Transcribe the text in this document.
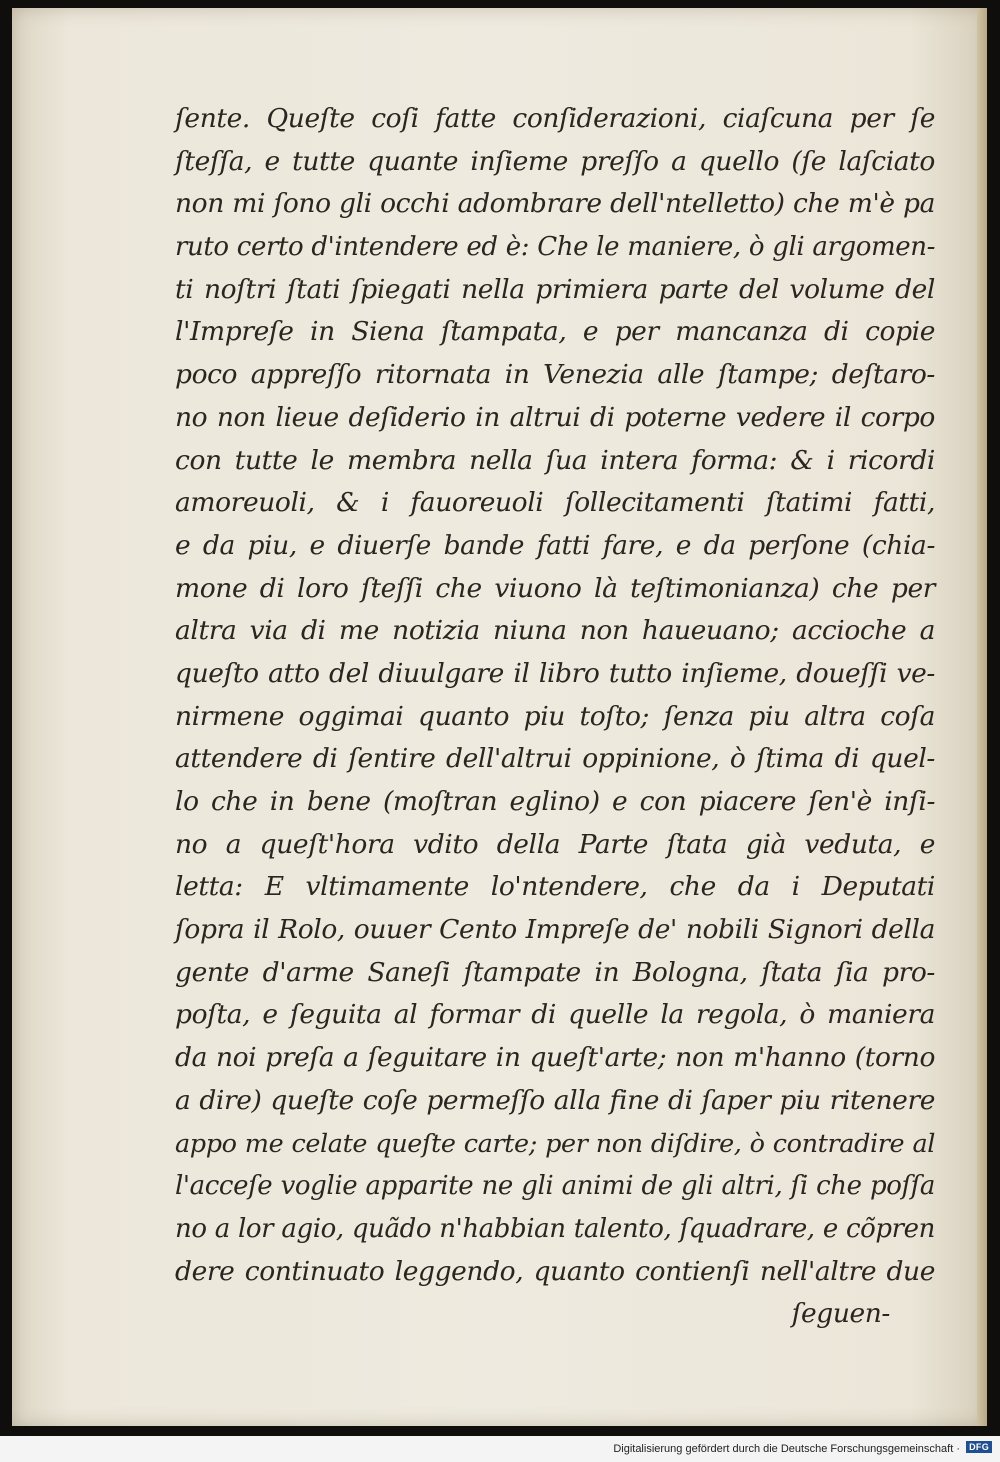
ſente. Queſte coſi fatte conſiderazioni, ciaſcuna per ſe
ſteſſa, e tutte quante inſieme preſſo a quello (ſe laſciato
non mi ſono gli occhi adombrare dell'ntelletto) che m'è pa
ruto certo d'intendere ed è: Che le maniere, ò gli argomen-
ti noſtri ſtati ſpiegati nella primiera parte del volume del
l'Impreſe in Siena ſtampata, e per mancanza di copie
poco appreſſo ritornata in Venezia alle ſtampe; deſtaro-
no non lieue deſiderio in altrui di poterne vedere il corpo
con tutte le membra nella ſua intera forma: & i ricordi
amoreuoli, & i fauoreuoli ſollecitamenti ſtatimi fatti,
e da piu, e diuerſe bande fatti fare, e da perſone (chia-
mone di loro ſteſſi che viuono là teſtimonianza) che per
altra via di me notizia niuna non haueuano; accioche a
queſto atto del diuulgare il libro tutto inſieme, doueſſi ve-
nirmene oggimai quanto piu toſto; ſenza piu altra coſa
attendere di ſentire dell'altrui oppinione, ò ſtima di quel-
lo che in bene (moſtran eglino) e con piacere ſen'è inſi-
no a queſt'hora vdito della Parte ſtata già veduta, e
letta: E vltimamente lo'ntendere, che da i Deputati
ſopra il Rolo, ouuer Cento Impreſe de' nobili Signori della
gente d'arme Saneſi ſtampate in Bologna, ſtata ſia pro-
poſta, e ſeguita al formar di quelle la regola, ò maniera
da noi preſa a ſeguitare in queſt'arte; non m'hanno (torno
a dire) queſte coſe permeſſo alla fine di ſaper piu ritenere
appo me celate queſte carte; per non diſdire, ò contradire al
l'acceſe voglie apparite ne gli animi de gli altri, ſi che poſſa
no a lor agio, quãdo n'habbian talento, ſquadrare, e cõpren
dere continuato leggendo, quanto contienſi nell'altre due
ſeguen-
Digitalisierung gefördert durch die Deutsche Forschungsgemeinschaft ·	DFG
